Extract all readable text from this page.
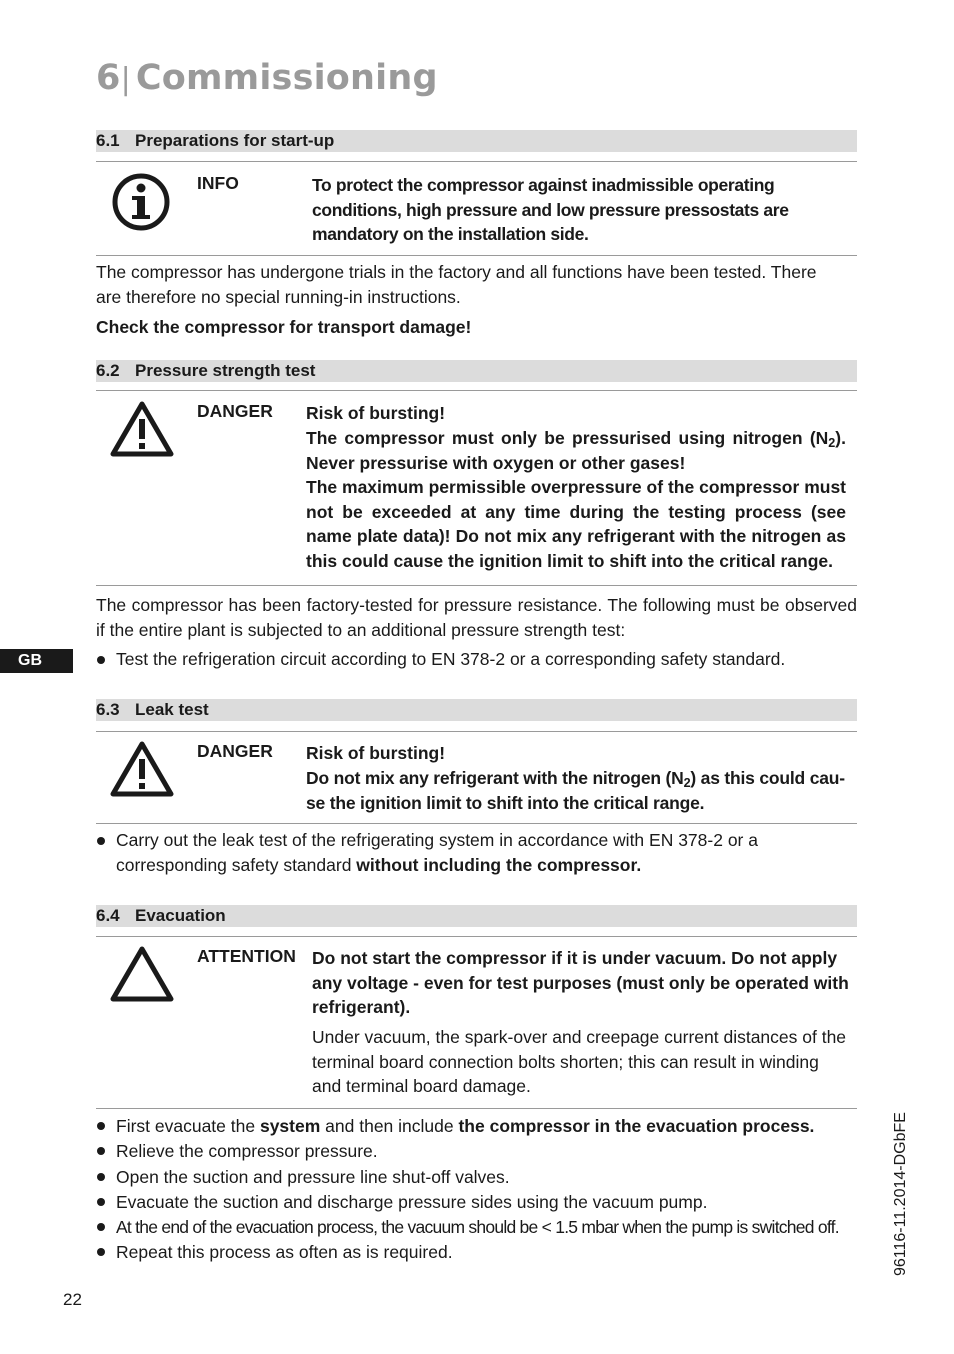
6| Commissioning
6.1 Preparations for start-up
INFO	To protect the compressor against inadmissible operating conditions, high pressure and low pressure pressostats are mandatory on the installation side.
The compressor has undergone trials in the factory and all functions have been tested. There are therefore no special running-in instructions.
Check the compressor for transport damage!
6.2 Pressure strength test
DANGER Risk of bursting!
The compressor must only be pressurised using nitrogen $(N_2)$. Never pressurise with oxygen or other gases!
The maximum permissible overpressure of the compressor must not be exceeded at any time during the testing process (see name plate data)! Do not mix any refrigerant with the nitrogen as this could cause the ignition limit to shift into the critical range.
The compressor has been factory-tested for pressure resistance. The following must be observed if the entire plant is subjected to an additional pressure strength test:
Test the refrigeration circuit according to EN 378-2 or a corresponding safety standard.
GB
6.3 Leak test
DANGER Risk of bursting!
Do not mix any refrigerant with the nitrogen $(N_2)$ as this could cau-se the ignition limit to shift into the critical range.
Carry out the leak test of the refrigerating system in accordance with EN 378-2 or a corresponding safety standard without including the compressor.
6.4 Evacuation
ATTENTION Do not start the compressor if it is under vacuum. Do not apply any voltage - even for test purposes (must only be operated with refrigerant).
Under vacuum, the spark-over and creepage current distances of the terminal board connection bolts shorten; this can result in winding and terminal board damage.
First evacuate the system and then include the compressor in the evacuation process.
Relieve the compressor pressure.
Open the suction and pressure line shut-off valves.
Evacuate the suction and discharge pressure sides using the vacuum pump.
At the end of the evacuation process, the vacuum should be < 1.5 mbar when the pump is switched off.
Repeat this process as often as is required.	96116-11.2014-DGbFE
22
